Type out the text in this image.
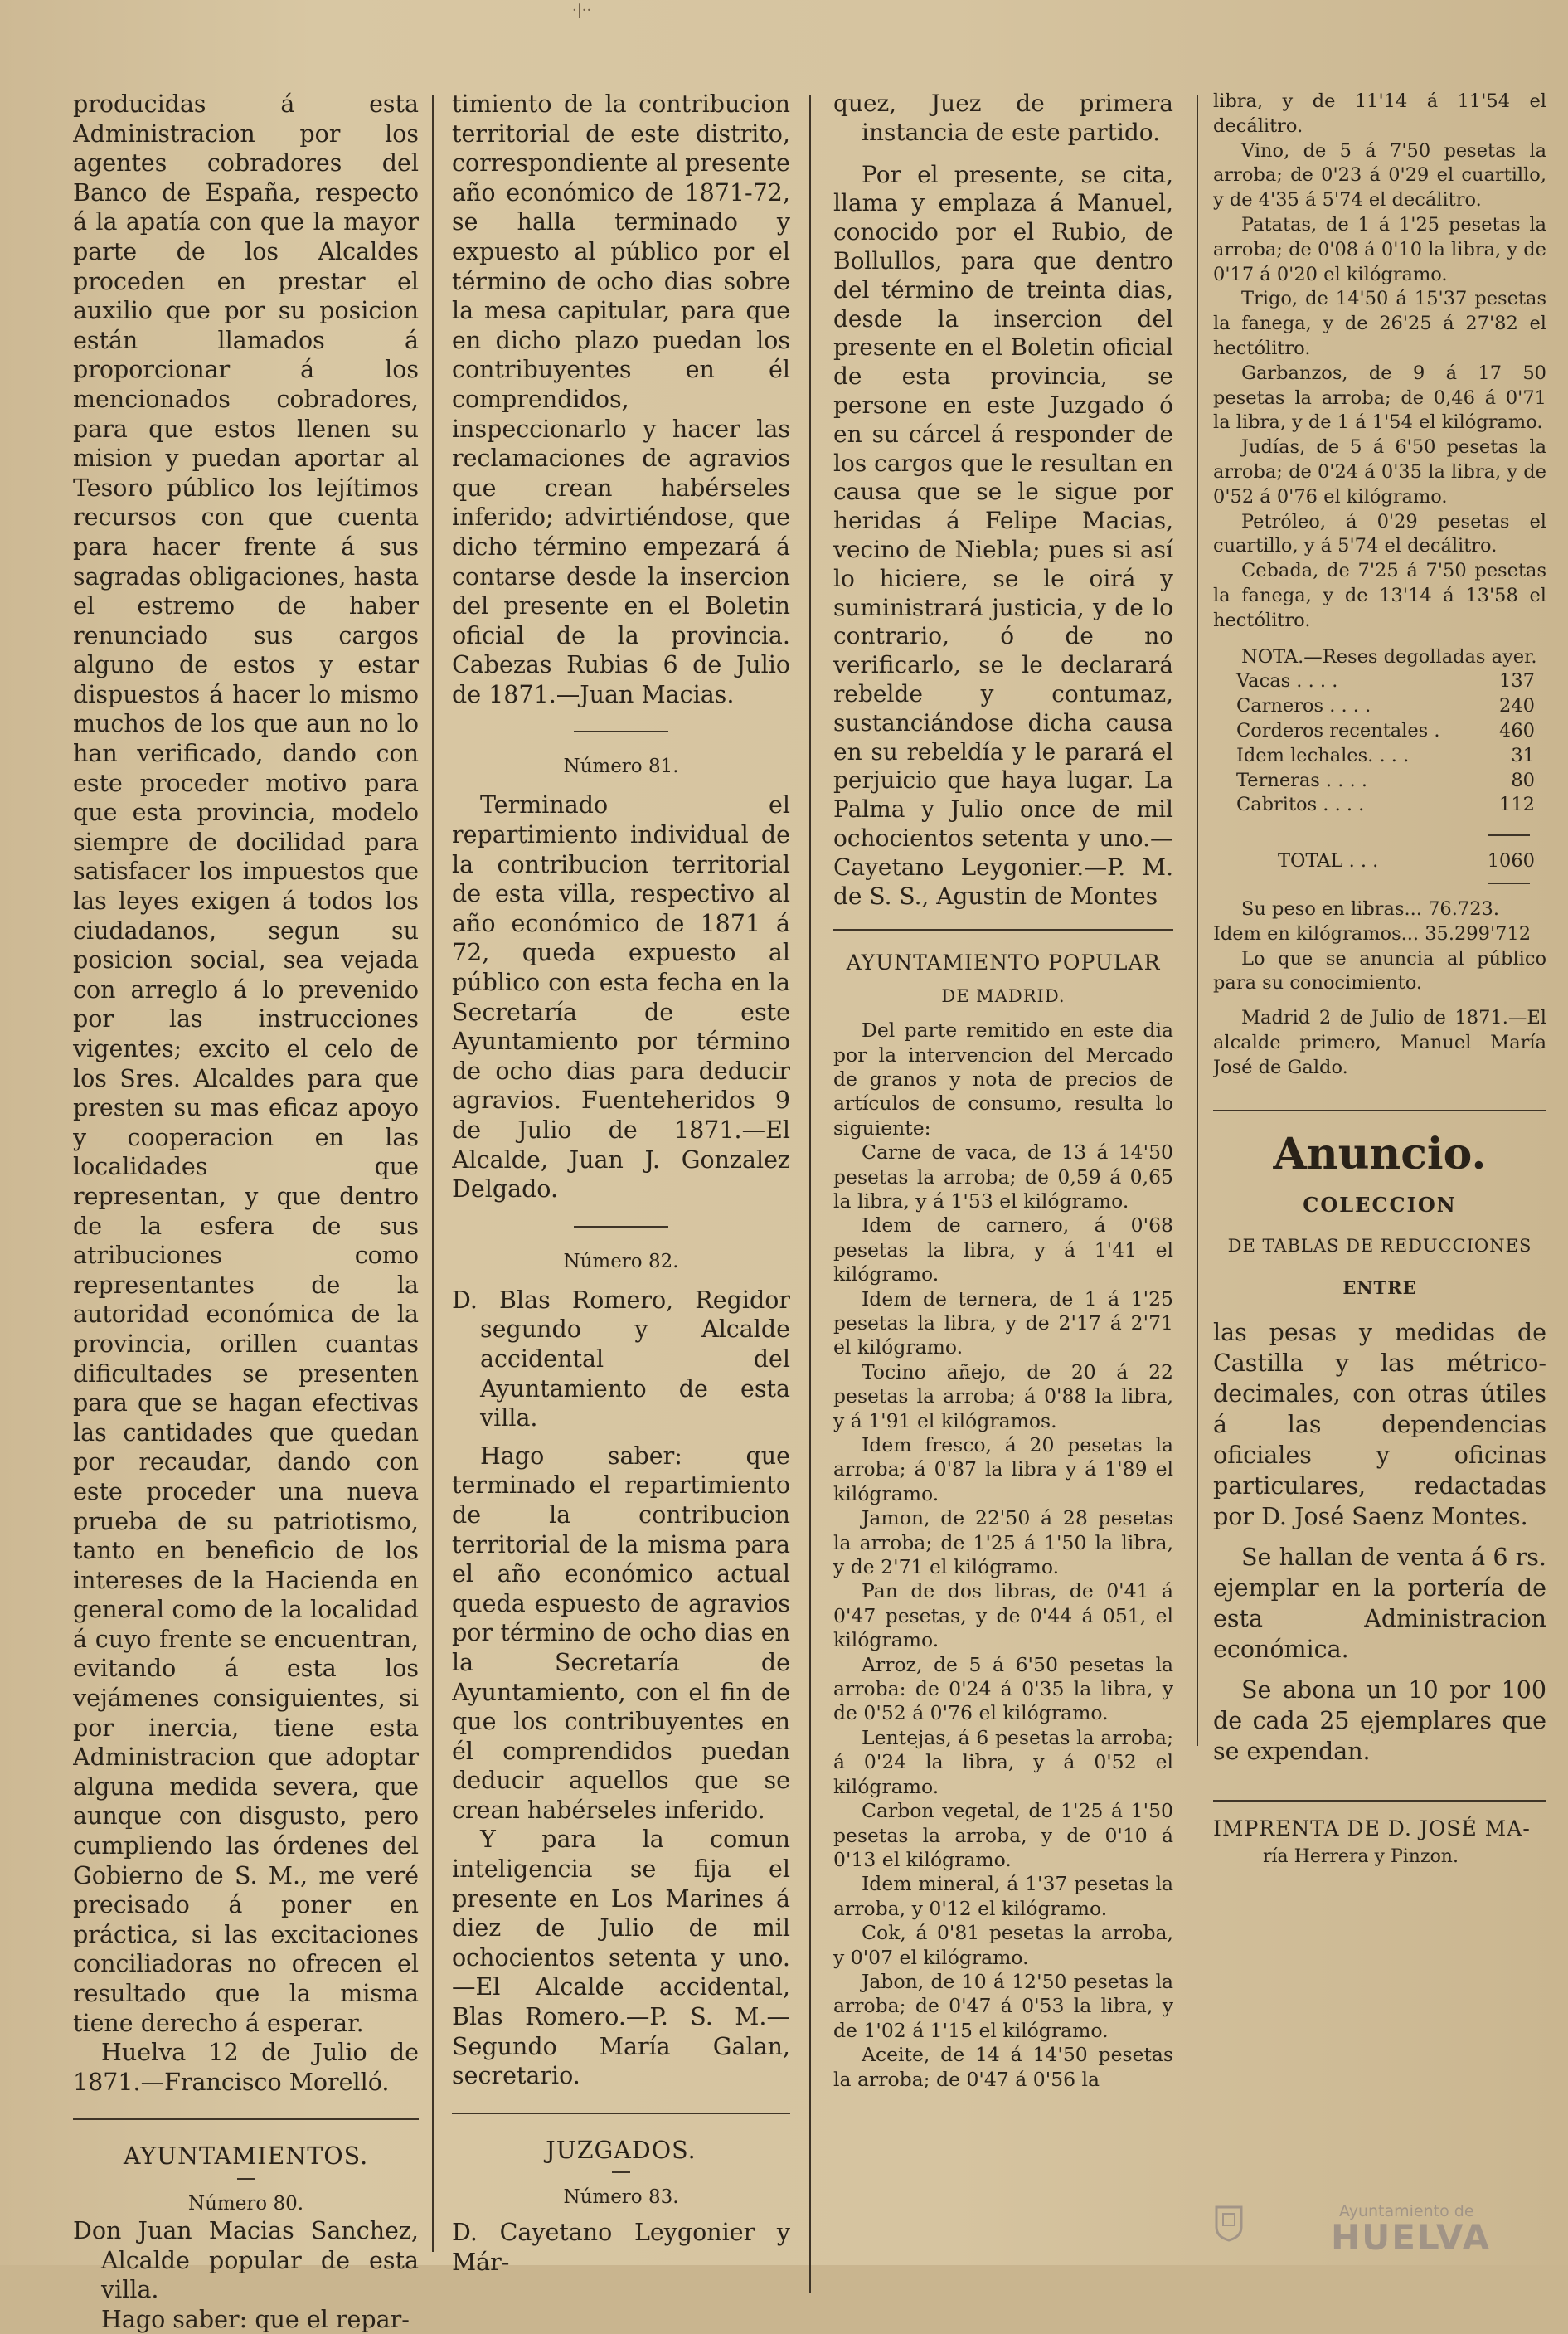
·|··

producidas á esta Administracion por los agentes cobradores del Banco de España, respecto á la apatía con que la mayor parte de los Alcaldes proceden en prestar el auxilio que por su posicion están llamados á proporcionar á los mencionados cobradores, para que estos llenen su mision y puedan aportar al Tesoro público los lejítimos recursos con que cuenta para hacer frente á sus sagradas obligaciones, hasta el estremo de haber renunciado sus cargos alguno de estos y estar dispuestos á hacer lo mismo muchos de los que aun no lo han verificado, dando con este proceder motivo para que esta provincia, modelo siempre de docilidad para satisfacer los impuestos que las leyes exigen á todos los ciudadanos, segun su posicion social, sea vejada con arreglo á lo prevenido por las instrucciones vigentes; excito el celo de los Sres. Alcaldes para que presten su mas eficaz apoyo y cooperacion en las localidades que representan, y que dentro de la esfera de sus atribuciones como representantes de la autoridad económica de la provincia, orillen cuantas dificultades se presenten para que se hagan efectivas las cantidades que quedan por recaudar, dando con este proceder una nueva prueba de su patriotismo, tanto en beneficio de los intereses de la Hacienda en general como de la localidad á cuyo frente se encuentran, evitando á esta los vejámenes consiguientes, si por inercia, tiene esta Administracion que adoptar alguna medida severa, que aunque con disgusto, pero cumpliendo las órdenes del Gobierno de S. M., me veré precisado á poner en práctica, si las excitaciones conciliadoras no ofrecen el resultado que la misma tiene derecho á esperar.

Huelva 12 de Julio de 1871.—Francisco Morelló.

AYUNTAMIENTOS.
Número 80.

Don Juan Macias Sanchez, Alcalde popular de esta villa.

Hago saber: que el repar-

timiento de la contribucion territorial de este distrito, correspondiente al presente año económico de 1871-72, se halla terminado y expuesto al público por el término de ocho dias sobre la mesa capitular, para que en dicho plazo puedan los contribuyentes en él comprendidos, inspeccionarlo y hacer las reclamaciones de agravios que crean habérseles inferido; advirtiéndose, que dicho término empezará á contarse desde la insercion del presente en el Boletin oficial de la provincia. Cabezas Rubias 6 de Julio de 1871.—Juan Macias.

Número 81.

Terminado el repartimiento individual de la contribucion territorial de esta villa, respectivo al año económico de 1871 á 72, queda expuesto al público con esta fecha en la Secretaría de este Ayuntamiento por término de ocho dias para deducir agravios. Fuenteheridos 9 de Julio de 1871.—El Alcalde, Juan J. Gonzalez Delgado.

Número 82.

D. Blas Romero, Regidor segundo y Alcalde accidental del Ayuntamiento de esta villa.

Hago saber: que terminado el repartimiento de la contribucion territorial de la misma para el año económico actual queda espuesto de agravios por término de ocho dias en la Secretaría de Ayuntamiento, con el fin de que los contribuyentes en él comprendidos puedan deducir aquellos que se crean habérseles inferido.

Y para la comun inteligencia se fija el presente en Los Marines á diez de Julio de mil ochocientos setenta y uno.—El Alcalde accidental, Blas Romero.—P. S. M.—Segundo María Galan, secretario.

JUZGADOS.
Número 83.

D. Cayetano Leygonier y Már-

quez, Juez de primera instancia de este partido.

Por el presente, se cita, llama y emplaza á Manuel, conocido por el Rubio, de Bollullos, para que dentro del término de treinta dias, desde la insercion del presente en el Boletin oficial de esta provincia, se persone en este Juzgado ó en su cárcel á responder de los cargos que le resultan en causa que se le sigue por heridas á Felipe Macias, vecino de Niebla; pues si así lo hiciere, se le oirá y suministrará justicia, y de lo contrario, ó de no verificarlo, se le declarará rebelde y contumaz, sustanciándose dicha causa en su rebeldía y le parará el perjuicio que haya lugar. La Palma y Julio once de mil ochocientos setenta y uno.—Cayetano Leygonier.—P. M. de S. S., Agustin de Montes

AYUNTAMIENTO POPULAR
DE MADRID.

Del parte remitido en este dia por la intervencion del Mercado de granos y nota de precios de artículos de consumo, resulta lo siguiente:

Carne de vaca, de 13 á 14'50 pesetas la arroba; de 0,59 á 0,65 la libra, y á 1'53 el kilógramo.

Idem de carnero, á 0'68 pesetas la libra, y á 1'41 el kilógramo.

Idem de ternera, de 1 á 1'25 pesetas la libra, y de 2'17 á 2'71 el kilógramo.

Tocino añejo, de 20 á 22 pesetas la arroba; á 0'88 la libra, y á 1'91 el kilógramos.

Idem fresco, á 20 pesetas la arroba; á 0'87 la libra y á 1'89 el kilógramo.

Jamon, de 22'50 á 28 pesetas la arroba; de 1'25 á 1'50 la libra, y de 2'71 el kilógramo.

Pan de dos libras, de 0'41 á 0'47 pesetas, y de 0'44 á 051, el kilógramo.

Arroz, de 5 á 6'50 pesetas la arroba: de 0'24 á 0'35 la libra, y de 0'52 á 0'76 el kilógramo.

Lentejas, á 6 pesetas la arroba; á 0'24 la libra, y á 0'52 el kilógramo.

Carbon vegetal, de 1'25 á 1'50 pesetas la arroba, y de 0'10 á 0'13 el kilógramo.

Idem mineral, á 1'37 pesetas la arroba, y 0'12 el kilógramo.

Cok, á 0'81 pesetas la arroba, y 0'07 el kilógramo.

Jabon, de 10 á 12'50 pesetas la arroba; de 0'47 á 0'53 la libra, y de 1'02 á 1'15 el kilógramo.

Aceite, de 14 á 14'50 pesetas la arroba; de 0'47 á 0'56 la

libra, y de 11'14 á 11'54 el decálitro.

Vino, de 5 á 7'50 pesetas la arroba; de 0'23 á 0'29 el cuartillo, y de 4'35 á 5'74 el decálitro.

Patatas, de 1 á 1'25 pesetas la arroba; de 0'08 á 0'10 la libra, y de 0'17 á 0'20 el kilógramo.

Trigo, de 14'50 á 15'37 pesetas la fanega, y de 26'25 á 27'82 el hectólitro.

Garbanzos, de 9 á 17 50 pesetas la arroba; de 0,46 á 0'71 la libra, y de 1 á 1'54 el kilógramo.

Judías, de 5 á 6'50 pesetas la arroba; de 0'24 á 0'35 la libra, y de 0'52 á 0'76 el kilógramo.

Petróleo, á 0'29 pesetas el cuartillo, y á 5'74 el decálitro.

Cebada, de 7'25 á 7'50 pesetas la fanega, y de 13'14 á 13'58 el hectólitro.

NOTA.—Reses degolladas ayer.

Vacas . . . .	137
Carneros . . . .	240
Corderos recentales .	460
Idem lechales. . . .	31
Terneras . . . .	80
Cabritos . . . .	112
TOTAL . . .	1060

Su peso en libras... 76.723.

Idem en kilógramos... 35.299'712

Lo que se anuncia al público para su conocimiento.

Madrid 2 de Julio de 1871.—El alcalde primero, Manuel María José de Galdo.

Anuncio.
COLECCION
DE TABLAS DE REDUCCIONES
ENTRE

las pesas y medidas de Castilla y las métrico-decimales, con otras útiles á las dependencias oficiales y oficinas particulares, redactadas por D. José Saenz Montes.

Se hallan de venta á 6 rs. ejemplar en la portería de esta Administracion económica.

Se abona un 10 por 100 de cada 25 ejemplares que se expendan.

IMPRENTA DE D. JOSÉ MA-

ría Herrera y Pinzon.

Ayuntamiento de
HUELVA
